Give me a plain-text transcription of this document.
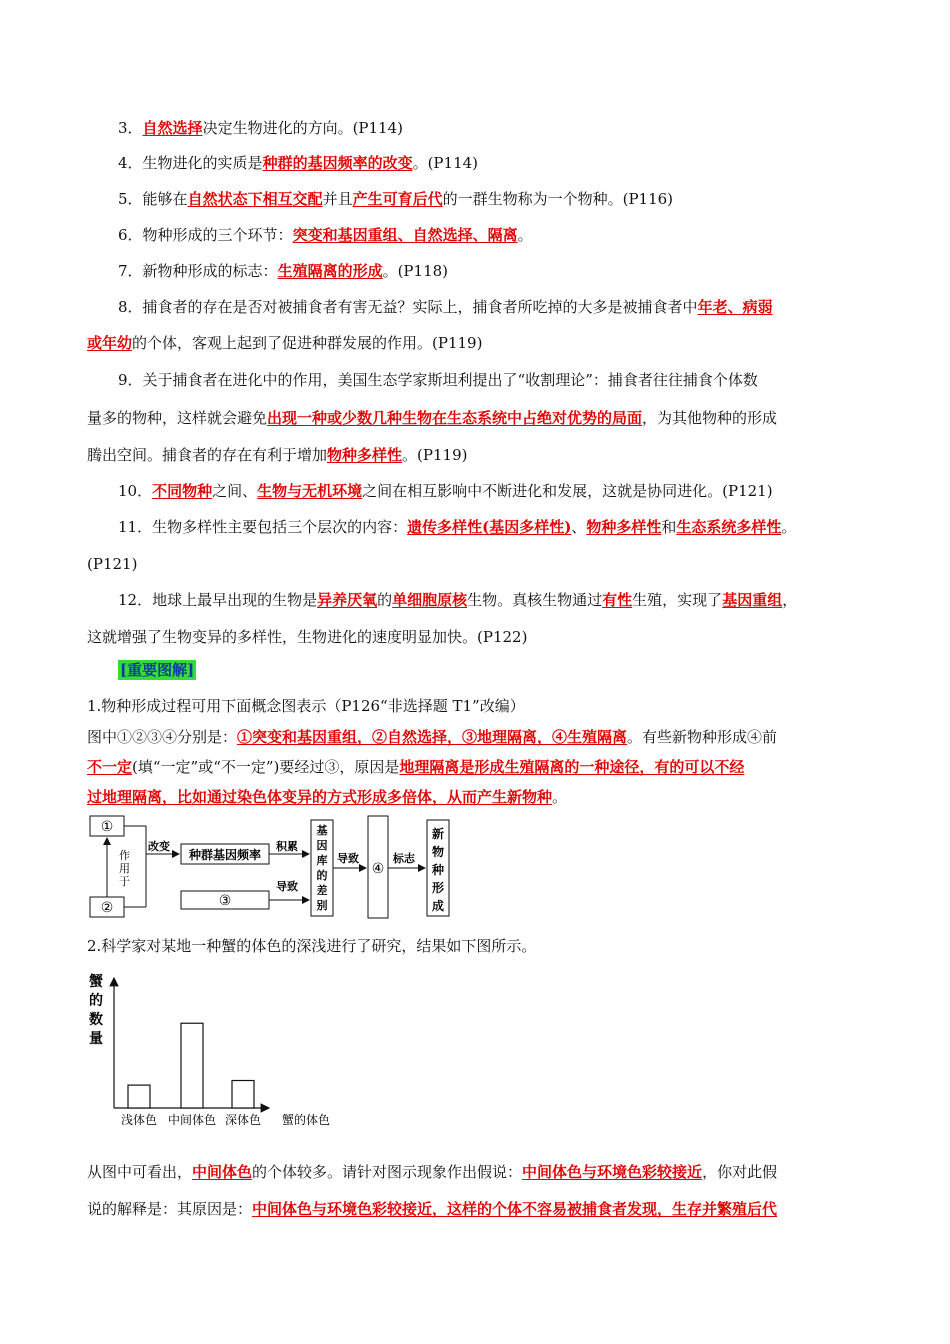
3．自然选择决定生物进化的方向。(P114)
4．生物进化的实质是种群的基因频率的改变。(P114)
5．能够在自然状态下相互交配并且产生可育后代的一群生物称为一个物种。(P116)
6．物种形成的三个环节：突变和基因重组、自然选择、隔离。
7．新物种形成的标志：生殖隔离的形成。(P118)
8．捕食者的存在是否对被捕食者有害无益？实际上，捕食者所吃掉的大多是被捕食者中年老、病弱
或年幼的个体，客观上起到了促进种群发展的作用。(P119)
9．关于捕食者在进化中的作用，美国生态学家斯坦利提出了“收割理论”：捕食者往往捕食个体数
量多的物种，这样就会避免出现一种或少数几种生物在生态系统中占绝对优势的局面，为其他物种的形成
腾出空间。捕食者的存在有利于增加物种多样性。(P119)
10．不同物种之间、生物与无机环境之间在相互影响中不断进化和发展，这就是协同进化。(P121)
11．生物多样性主要包括三个层次的内容：遗传多样性(基因多样性)、物种多样性和生态系统多样性。
(P121)
12．地球上最早出现的生物是异养厌氧的单细胞原核生物。真核生物通过有性生殖，实现了基因重组，
这就增强了生物变异的多样性，生物进化的速度明显加快。(P122)
[重要图解]
1.物种形成过程可用下面概念图表示（P126“非选择题 T1”改编）
图中①②③④分别是：①突变和基因重组，②自然选择，③地理隔离，④生殖隔离。有些新物种形成④前
不一定(填“一定”或“不一定”)要经过③，原因是地理隔离是形成生殖隔离的一种途径，有的可以不经
过地理隔离，比如通过染色体变异的方式形成多倍体，从而产生新物种。
①
②
作
用
于
改变
种群基因频率
积累
③
导致
基
因
库
的
差
别
导致
④
标志
新
物
种
形
成
2.科学家对某地一种蟹的体色的深浅进行了研究，结果如下图所示。
蟹
的
数
量
浅体色 中间体色 深体色 蟹的体色
从图中可看出，中间体色的个体较多。请针对图示现象作出假说：中间体色与环境色彩较接近，你对此假
说的解释是：其原因是：中间体色与环境色彩较接近，这样的个体不容易被捕食者发现，生存并繁殖后代
